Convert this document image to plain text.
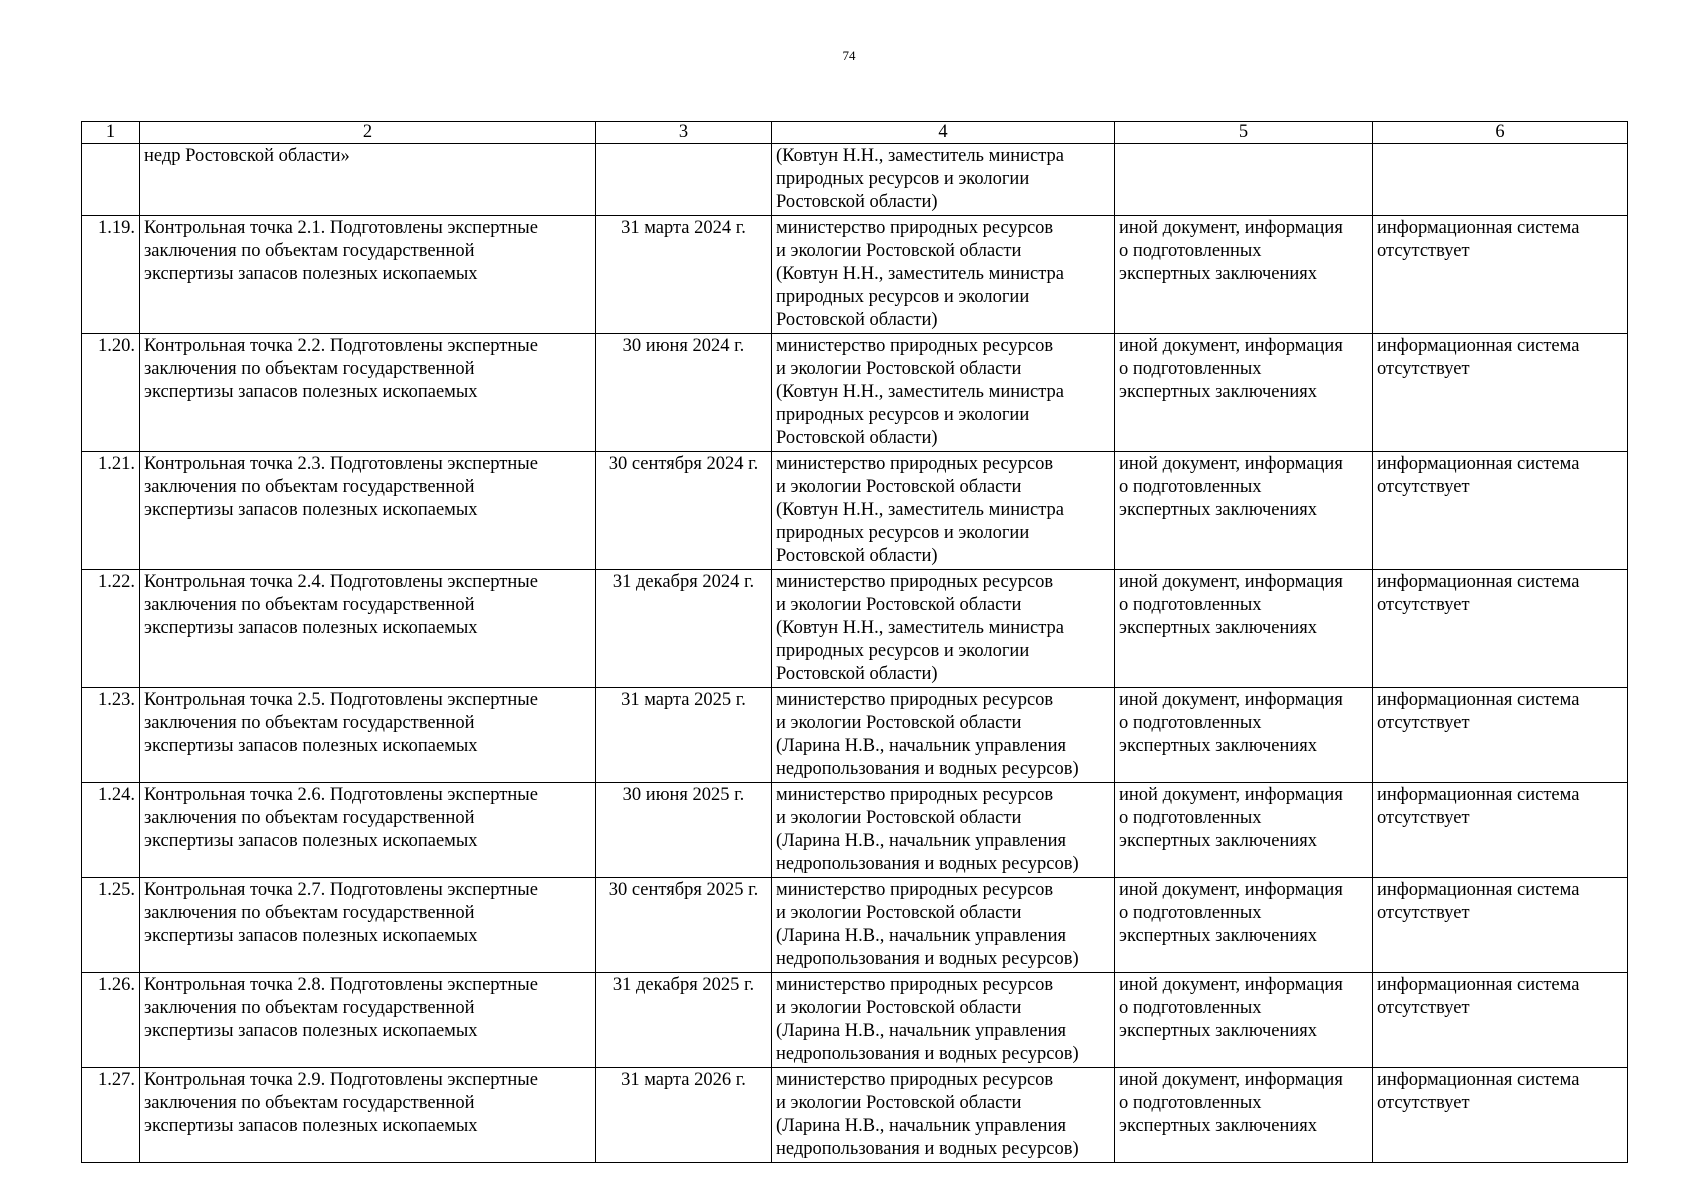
74
1	2	3	4	5	6
	недр Ростовской области»		(Ковтун Н.Н., заместитель министра
природных ресурсов и экологии
Ростовской области)		
1.19.	Контрольная точка 2.1. Подготовлены экспертные
заключения по объектам государственной
экспертизы запасов полезных ископаемых	31 марта 2024 г.	министерство природных ресурсов
и экологии Ростовской области
(Ковтун Н.Н., заместитель министра
природных ресурсов и экологии
Ростовской области)	иной документ, информация
о подготовленных
экспертных заключениях	информационная система
отсутствует
1.20.	Контрольная точка 2.2. Подготовлены экспертные
заключения по объектам государственной
экспертизы запасов полезных ископаемых	30 июня 2024 г.	министерство природных ресурсов
и экологии Ростовской области
(Ковтун Н.Н., заместитель министра
природных ресурсов и экологии
Ростовской области)	иной документ, информация
о подготовленных
экспертных заключениях	информационная система
отсутствует
1.21.	Контрольная точка 2.3. Подготовлены экспертные
заключения по объектам государственной
экспертизы запасов полезных ископаемых	30 сентября 2024 г.	министерство природных ресурсов
и экологии Ростовской области
(Ковтун Н.Н., заместитель министра
природных ресурсов и экологии
Ростовской области)	иной документ, информация
о подготовленных
экспертных заключениях	информационная система
отсутствует
1.22.	Контрольная точка 2.4. Подготовлены экспертные
заключения по объектам государственной
экспертизы запасов полезных ископаемых	31 декабря 2024 г.	министерство природных ресурсов
и экологии Ростовской области
(Ковтун Н.Н., заместитель министра
природных ресурсов и экологии
Ростовской области)	иной документ, информация
о подготовленных
экспертных заключениях	информационная система
отсутствует
1.23.	Контрольная точка 2.5. Подготовлены экспертные
заключения по объектам государственной
экспертизы запасов полезных ископаемых	31 марта 2025 г.	министерство природных ресурсов
и экологии Ростовской области
(Ларина Н.В., начальник управления
недропользования и водных ресурсов)	иной документ, информация
о подготовленных
экспертных заключениях	информационная система
отсутствует
1.24.	Контрольная точка 2.6. Подготовлены экспертные
заключения по объектам государственной
экспертизы запасов полезных ископаемых	30 июня 2025 г.	министерство природных ресурсов
и экологии Ростовской области
(Ларина Н.В., начальник управления
недропользования и водных ресурсов)	иной документ, информация
о подготовленных
экспертных заключениях	информационная система
отсутствует
1.25.	Контрольная точка 2.7. Подготовлены экспертные
заключения по объектам государственной
экспертизы запасов полезных ископаемых	30 сентября 2025 г.	министерство природных ресурсов
и экологии Ростовской области
(Ларина Н.В., начальник управления
недропользования и водных ресурсов)	иной документ, информация
о подготовленных
экспертных заключениях	информационная система
отсутствует
1.26.	Контрольная точка 2.8. Подготовлены экспертные
заключения по объектам государственной
экспертизы запасов полезных ископаемых	31 декабря 2025 г.	министерство природных ресурсов
и экологии Ростовской области
(Ларина Н.В., начальник управления
недропользования и водных ресурсов)	иной документ, информация
о подготовленных
экспертных заключениях	информационная система
отсутствует
1.27.	Контрольная точка 2.9. Подготовлены экспертные
заключения по объектам государственной
экспертизы запасов полезных ископаемых	31 марта 2026 г.	министерство природных ресурсов
и экологии Ростовской области
(Ларина Н.В., начальник управления
недропользования и водных ресурсов)	иной документ, информация
о подготовленных
экспертных заключениях	информационная система
отсутствует
